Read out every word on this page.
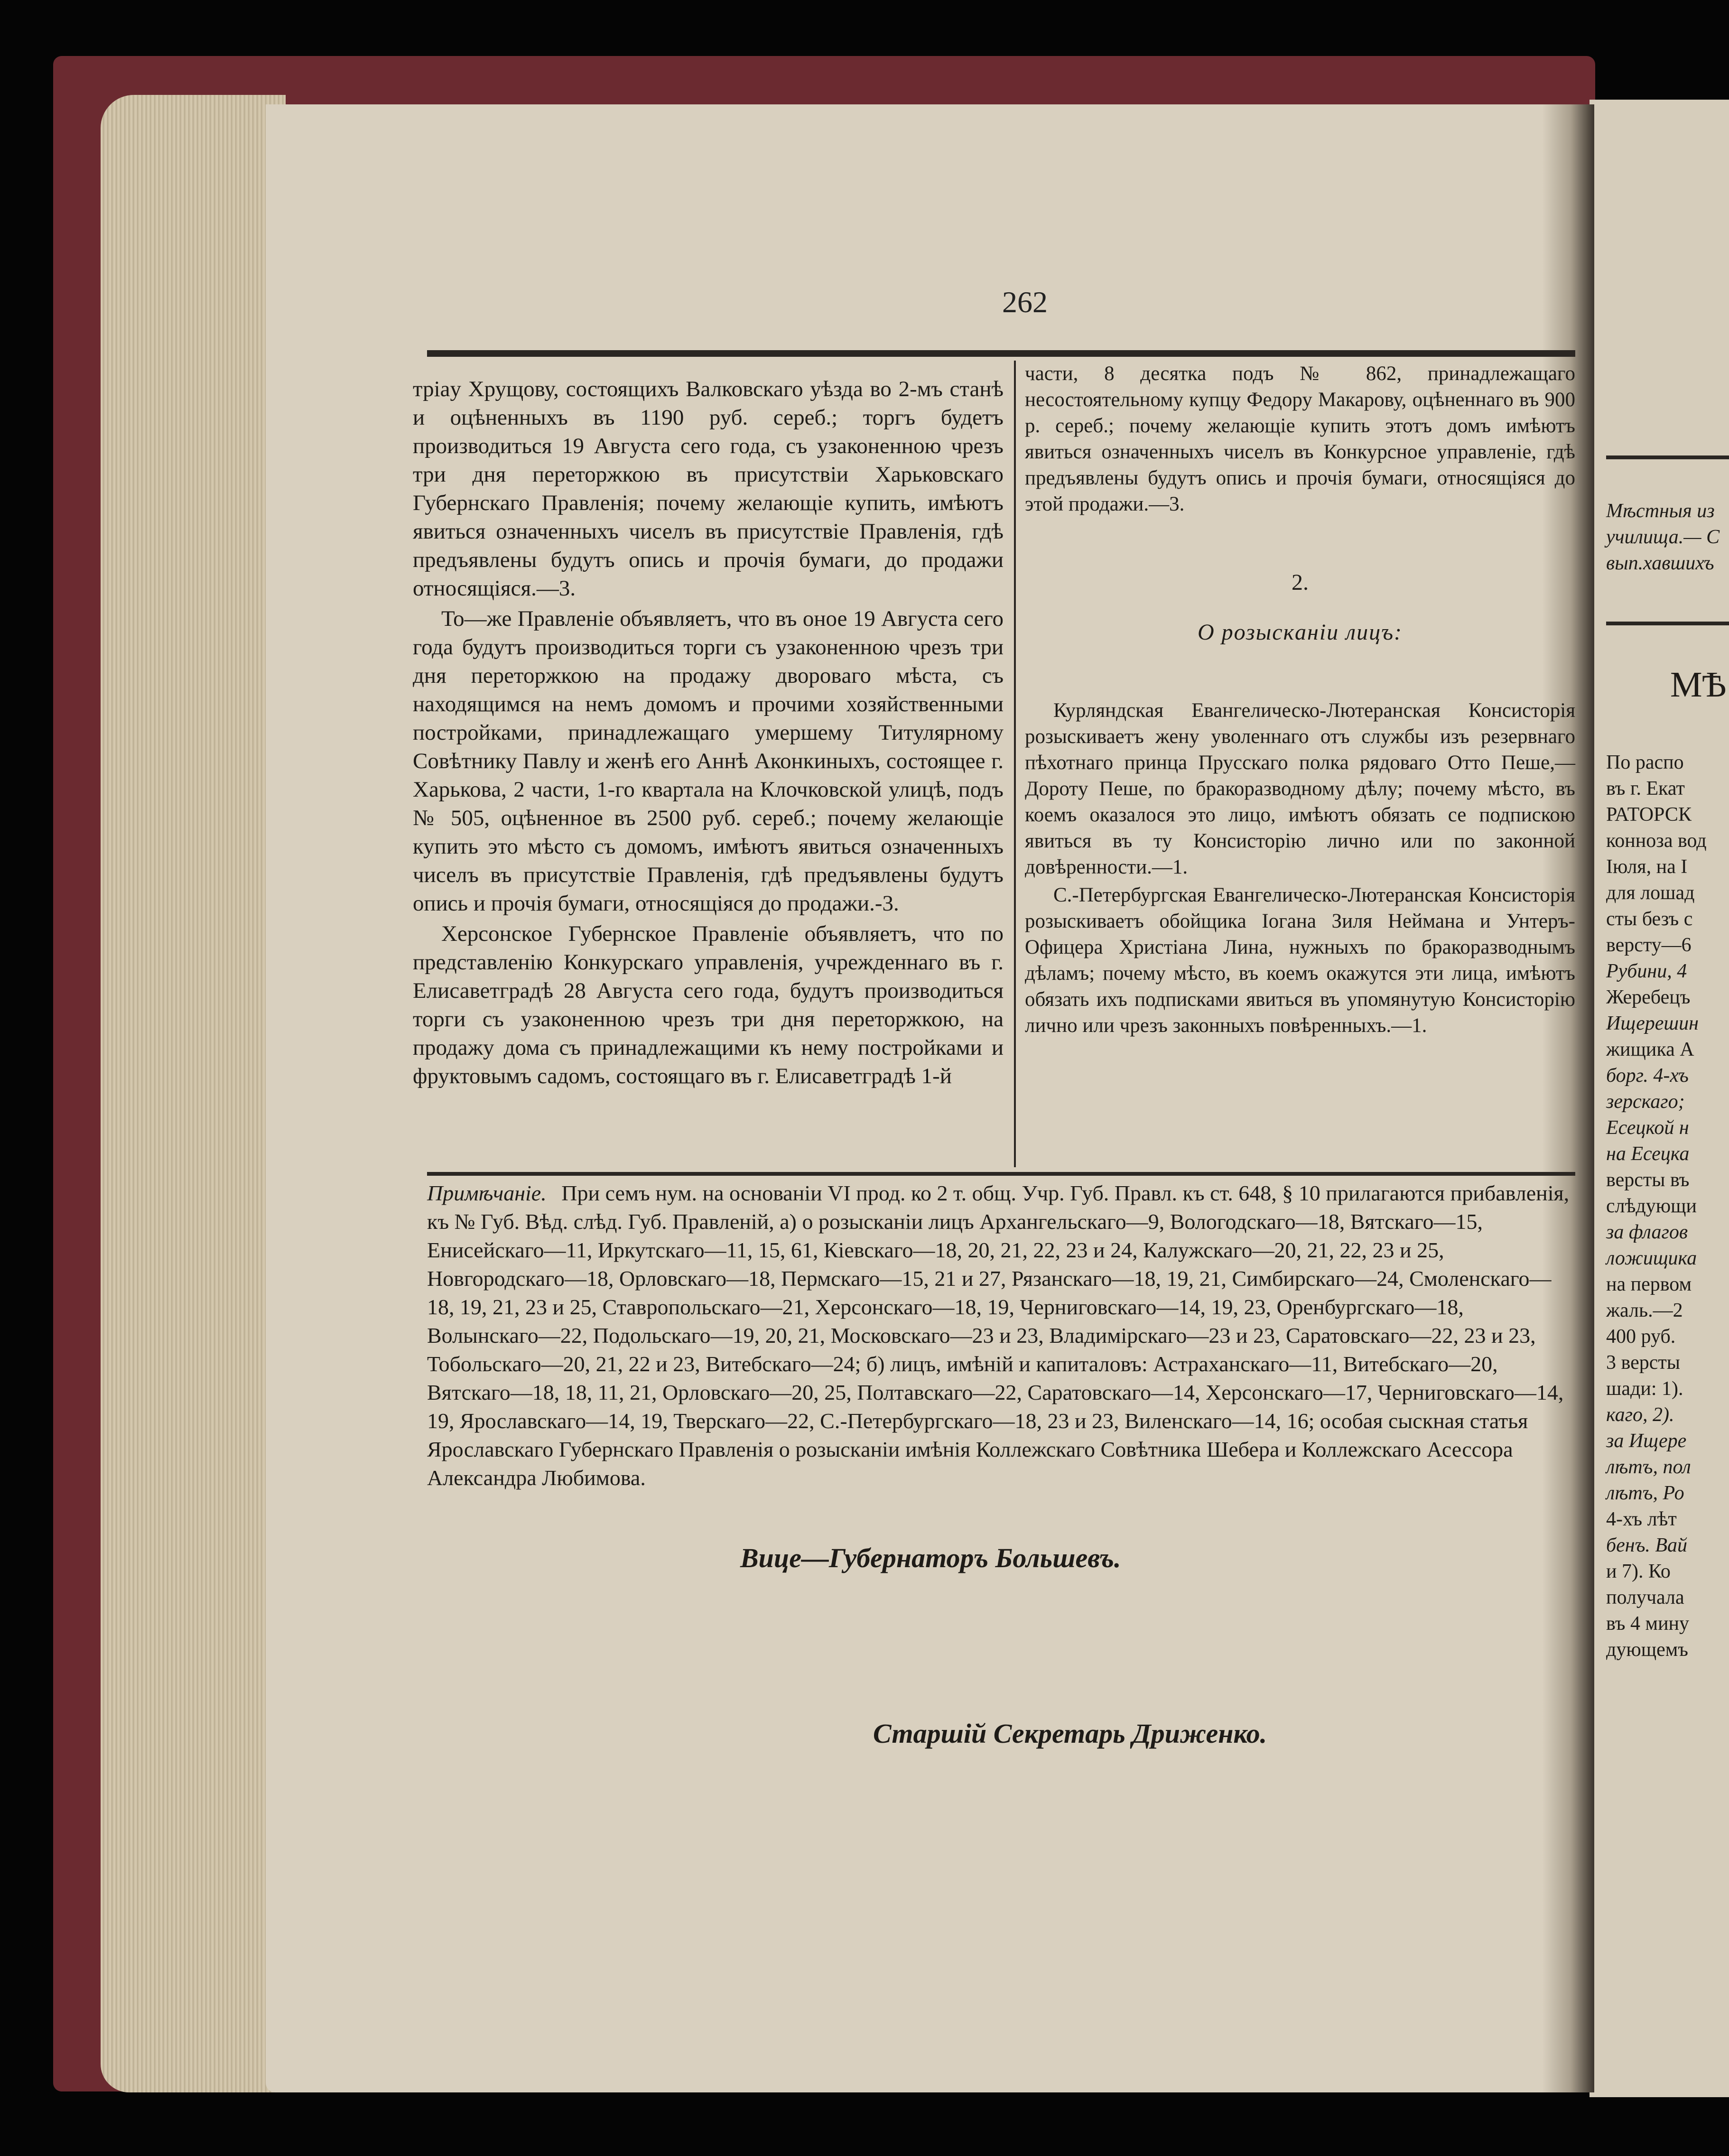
262

тріаy Хрущову, состоящихъ Валковскаго уѣзда во 2-мъ станѣ и оцѣненныхъ въ 1190 руб. сереб.; торгъ будетъ производиться 19 Августа сего года, съ узаконенною чрезъ три дня переторжкою въ присутствіи Харьковскаго Губернскаго Правленія; почему желающіе купить, имѣютъ явиться означенныхъ чиселъ въ присутствіе Правленія, гдѣ предъявлены будутъ опись и прочія бумаги, до продажи относящіяся.—3.

То—же Правленіе объявляетъ, что въ оное 19 Августа сего года будутъ производиться торги съ узаконенною чрезъ три дня переторжкою на продажу дворовaго мѣста, съ находящимся на немъ домомъ и прочими хозяйственными постройками, принадлежащаго умершему Титулярному Совѣтнику Павлу и женѣ его Аннѣ Аконкиныхъ, состоящее г. Харькова, 2 части, 1-го квартала на Клочковской улицѣ, подъ № 505, оцѣненное въ 2500 руб. сереб.; почему желающіе купить это мѣсто съ домомъ, имѣютъ явиться означенныхъ чиселъ въ присутствіе Правленія, гдѣ предъявлены будутъ опись и прочія бумаги, относящіяся до продажи.-3.

Херсонское Губернское Правленіе объявляетъ, что по представленію Конкурскаго управленія, учрежденнаго въ г. Елисаветградѣ 28 Августа сего года, будутъ производиться торги съ узаконенною чрезъ три дня переторжкою, на продажу дома съ принадлежащими къ нему постройками и фруктовымъ садомъ, состоящаго въ г. Елисаветградѣ 1-й

части, 8 десятка подъ № 862, принадлежащаго несостоятельному купцу Федору Макарову, оцѣненнаго въ 900 р. сереб.; почему желающіе купить этотъ домъ имѣютъ явиться означенныхъ чиселъ въ Конкурсное управленіе, гдѣ предъявлены будутъ опись и прочія бумаги, относящіяся до этой продажи.—3.

2.
О розыскaніи лицъ:

Курляндская Евангелическо-Лютеранская Консисторія розыскиваетъ жену уволеннаго отъ службы изъ резервнаго пѣхотнаго принца Прусскаго полка рядоваго Отто Пеше,—Доротy Пеше, по бракоразводному дѣлу; почему мѣсто, въ коемъ оказалося это лицо, имѣютъ обязать се подпискою явиться въ ту Консисторію лично или по законной довѣренности.—1.

С.-Петербургская Евангелическо-Лютеранская Консисторія розыскиваетъ обойщика Іоганa Зиля Неймана и Унтеръ-Офицера Христіана Лина, нужныхъ по бракоразводнымъ дѣламъ; почему мѣсто, въ коемъ окажутся эти лица, имѣютъ обязать ихъ подписками явиться въ упомянутую Консисторію лично или чрезъ законныхъ повѣренныхъ.—1.

Примѣчаніе. При семъ нум. на основаніи VI прод. ко 2 т. общ. Учр. Губ. Правл. къ ст. 648, § 10 прилагаются прибавленія, къ № Губ. Вѣд. слѣд. Губ. Правленій, а) о розыскaніи лицъ Архангельскаго—9, Вологодскаго—18, Вятскаго—15, Енисейскаго—11, Иркутскаго—11, 15, 61, Кіевскаго—18, 20, 21, 22, 23 и 24, Калужскаго—20, 21, 22, 23 и 25, Новгородскаго—18, Орловскаго—18, Пермскаго—15, 21 и 27, Рязанскаго—18, 19, 21, Симбирскаго—24, Смоленскаго—18, 19, 21, 23 и 25, Ставропольскаго—21, Херсонскаго—18, 19, Черниговскаго—14, 19, 23, Оренбургскаго—18, Волынскаго—22, Подольскаго—19, 20, 21, Московскаго—23 и 23, Владимірскаго—23 и 23, Саратовскаго—22, 23 и 23, Тобольскаго—20, 21, 22 и 23, Витебскаго—24; б) лицъ, имѣній и капиталовъ: Астраханскаго—11, Витебскаго—20, Вятскаго—18, 18, 11, 21, Орловскаго—20, 25, Полтавскаго—22, Саратовскаго—14, Херсонскаго—17, Черниговскаго—14, 19, Ярославскаго—14, 19, Тверскаго—22, С.-Петербургскаго—18, 23 и 23, Виленскаго—14, 16; особая сыскная статья Ярославскаго Губернскаго Правленія о розыскaніи имѣнія Коллежскаго Совѣтника Шебера и Коллежскаго Асессора Александра Любимова.
Вице—Губернаторъ Большевъ.
Старшій Секретарь Дриженко.
Мѣстныя из
училища.— С
вып.хавшихъ
МѢ
По распо
въ г. Екат
РАТОРСК
конноза вод
Іюля, на І
для лошад
сты безъ с
версту—6
Рубини, 4
Жеребецъ
Ищерешин
жищика А
борг. 4-хъ
зерскаго;
Есецкой н
на Есецка
версты въ
слѣдующи
за флагов
ложищика
на первом
жаль.—2
400 руб.
3 версты
шади: 1).
каго, 2).
за Ищере
лѣтъ, пол
лѣтъ, Ро
4-хъ лѣт
бенъ. Вай
и 7). Ко
получала
въ 4 мину
дующемъ
